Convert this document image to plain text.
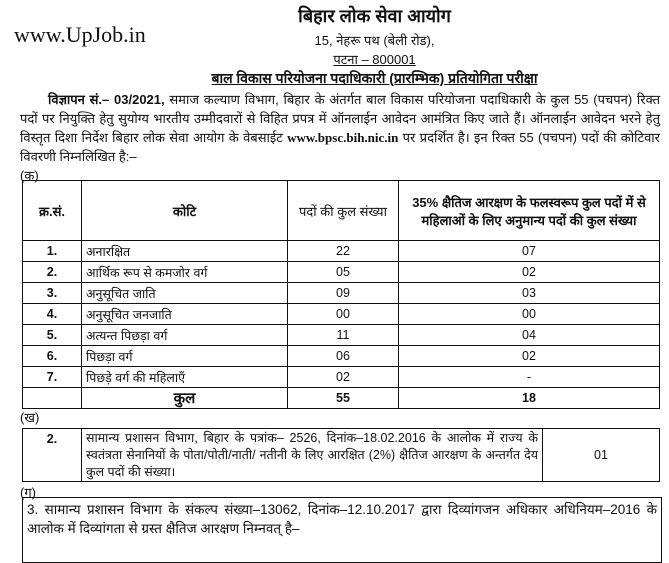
www.UpJob.in
बिहार लोक सेवा आयोग
15, नेहरू पथ (बेली रोड),
पटना – 800001
बाल विकास परियोजना पदाधिकारी (प्रारम्भिक) प्रतियोगिता परीक्षा
विज्ञापन सं.– 03/2021, समाज कल्याण विभाग, बिहार के अंतर्गत बाल विकास परियोजना पदाधिकारी के कुल 55 (पचपन) रिक्त पदों पर नियुक्ति हेतु सुयोग्य भारतीय उम्मीदवारों से विहित प्रपत्र में ऑनलाईन आवेदन आमंत्रित किए जाते हैं। ऑनलाईन आवेदन भरने हेतु विस्तृत दिशा निर्देश बिहार लोक सेवा आयोग के वेबसाईट www.bpsc.bih.nic.in पर प्रदर्शित है। इन रिक्त 55 (पचपन) पदों की कोटिवार विवरणी निम्नलिखित है:–
(क)
क्र.सं.	कोटि	पदों की कुल संख्या	35% क्षैतिज आरक्षण के फलस्वरूप कुल पदों में से महिलाओं के लिए अनुमान्य पदों की कुल संख्या
1.	अनारक्षित	22	07
2.	आर्थिक रूप से कमजोर वर्ग	05	02
3.	अनुसूचित जाति	09	03
4.	अनुसूचित जनजाति	00	00
5.	अत्यन्त पिछड़ा वर्ग	11	04
6.	पिछड़ा वर्ग	06	02
7.	पिछड़े वर्ग की महिलाएँ	02	-
	कुल	55	18
(ख)
2.	सामान्य प्रशासन विभाग, बिहार के पत्रांक– 2526, दिनांक–18.02.2016 के आलोक में राज्य के स्वतंत्रता सेनानियों के पोता/पोती/नाती/ नतीनी के लिए आरक्षित (2%) क्षैतिज आरक्षण के अन्तर्गत देय कुल पदों की संख्या।	01
(ग)
3. सामान्य प्रशासन विभाग के संकल्प संख्या–13062, दिनांक–12.10.2017 द्वारा दिव्यांगजन अधिकार अधिनियम–2016 के आलोक में दिव्यांगता से ग्रस्त क्षैतिज आरक्षण निम्नवत् है–
